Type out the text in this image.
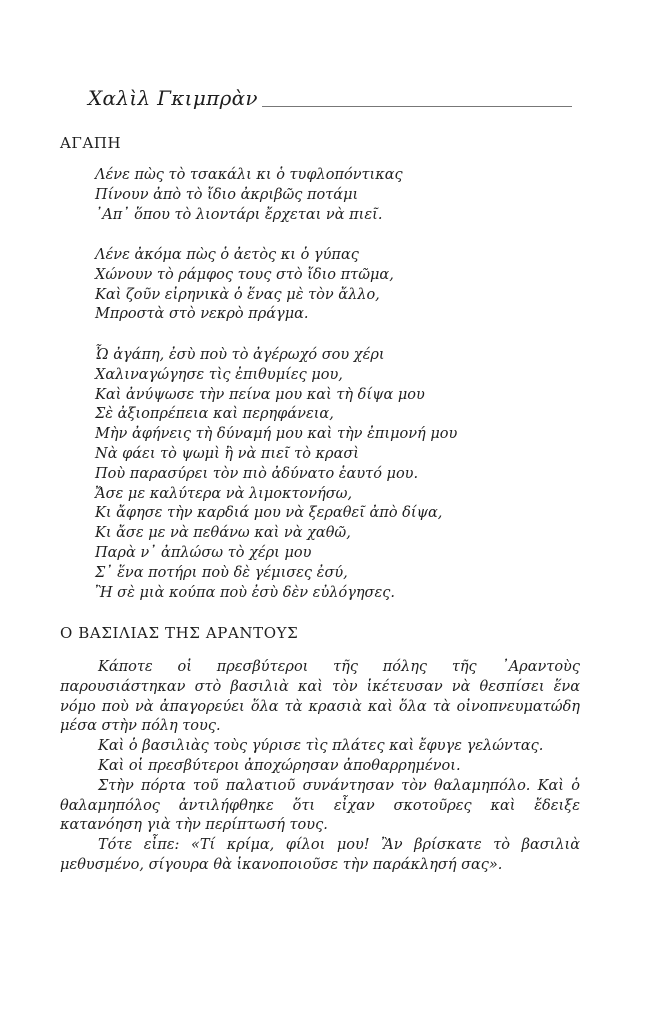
Χαλὶλ Γκιμπρὰν
ΑΓΑΠΗ
Λένε πὼς τὸ τσακάλι κι ὁ τυφλοπόντικας
Πίνουν ἀπὸ τὸ ἴδιο ἀκριβῶς ποτάμι
᾿Απ᾿ ὅπου τὸ λιοντάρι ἔρχεται νὰ πιεῖ.
Λένε ἀκόμα πὼς ὁ ἀετὸς κι ὁ γύπας
Χώνουν τὸ ράμφος τους στὸ ἴδιο πτῶμα,
Καὶ ζοῦν εἰρηνικὰ ὁ ἕνας μὲ τὸν ἄλλο,
Μπροστὰ στὸ νεκρὸ πράγμα.
Ὦ ἀγάπη, ἐσὺ ποὺ τὸ ἀγέρωχό σου χέρι
Χαλιναγώγησε τὶς ἐπιθυμίες μου,
Καὶ ἀνύψωσε τὴν πείνα μου καὶ τὴ δίψα μου
Σὲ ἀξιοπρέπεια καὶ περηφάνεια,
Μὴν ἀφήνεις τὴ δύναμή μου καὶ τὴν ἐπιμονή μου
Νὰ φάει τὸ ψωμὶ ἢ νὰ πιεῖ τὸ κρασὶ
Ποὺ παρασύρει τὸν πιὸ ἀδύνατο ἑαυτό μου.
Ἄσε με καλύτερα νὰ λιμοκτονήσω,
Κι ἄφησε τὴν καρδιά μου νὰ ξεραθεῖ ἀπὸ δίψα,
Κι ἄσε με νὰ πεθάνω καὶ νὰ χαθῶ,
Παρὰ ν᾿ ἀπλώσω τὸ χέρι μου
Σ᾿ ἕνα ποτήρι ποὺ δὲ γέμισες ἐσύ,
Ἢ σὲ μιὰ κούπα ποὺ ἐσὺ δὲν εὐλόγησες.
Ο ΒΑΣΙΛΙΑΣ ΤΗΣ ΑΡΑΝΤΟΥΣ

Κάποτε οἱ πρεσβύτεροι τῆς πόλης τῆς ᾿Αραντοὺς παρουσιάστηκαν στὸ βασιλιὰ καὶ τὸν ἱκέτευσαν νὰ θεσπίσει ἕνα νόμο ποὺ νὰ ἀπαγορεύει ὅλα τὰ κρασιὰ καὶ ὅλα τὰ οἰνοπνευματώδη μέσα στὴν πόλη τους.

Καὶ ὁ βασιλιὰς τοὺς γύρισε τὶς πλάτες καὶ ἔφυγε γελώντας.

Καὶ οἱ πρεσβύτεροι ἀποχώρησαν ἀποθαρρημένοι.

Στὴν πόρτα τοῦ παλατιοῦ συνάντησαν τὸν θαλαμηπόλο. Καὶ ὁ θαλαμηπόλος ἀντιλήφθηκε ὅτι εἶχαν σκοτοῦρες καὶ ἔδειξε κατανόηση γιὰ τὴν περίπτωσή τους.

Τότε εἶπε: «Τί κρίμα, φίλοι μου! Ἂν βρίσκατε τὸ βασιλιὰ μεθυσμένο, σίγουρα θὰ ἱκανοποιοῦσε τὴν παράκλησή σας».
